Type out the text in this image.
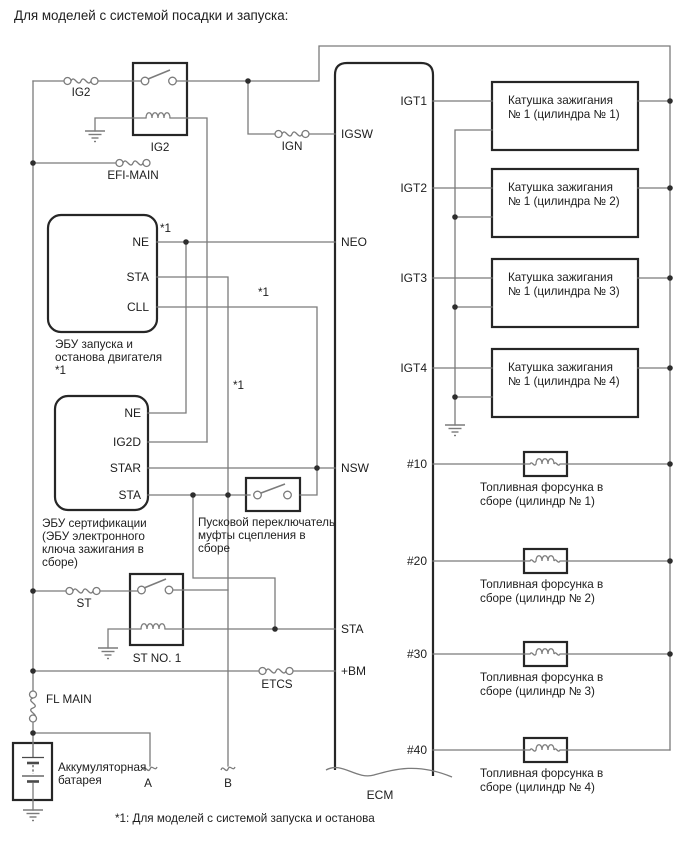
Для моделей с системой посадки и запуска:
IG2
IG2	IGN
EFI-MAIN
ST
ST NO. 1
ETCS
FL MAIN
NE
STA
CLL
ЭБУ запуска и
останова двигателя
*1
NE
IG2D
STAR
STA
ЭБУ сертификации
(ЭБУ электронного
ключа зажигания в
сборе)
Пусковой переключатель
муфты сцепления в
сборе
Аккумуляторная
батарея	A	B
*1
*1
*1
IGSW
NEO
NSW
STA
+BM
IGT1
IGT2
IGT3
IGT4
#10
#20
#30
#40
ECM
Катушка зажигания
№ 1 (цилиндра № 1)
Катушка зажигания
№ 1 (цилиндра № 2)
Катушка зажигания
№ 1 (цилиндра № 3)
Катушка зажигания
№ 1 (цилиндра № 4)
Топливная форсунка в
сборе (цилиндр № 1)
Топливная форсунка в
сборе (цилиндр № 2)
Топливная форсунка в
сборе (цилиндр № 3)
Топливная форсунка в
сборе (цилиндр № 4)
*1: Для моделей с системой запуска и останова
